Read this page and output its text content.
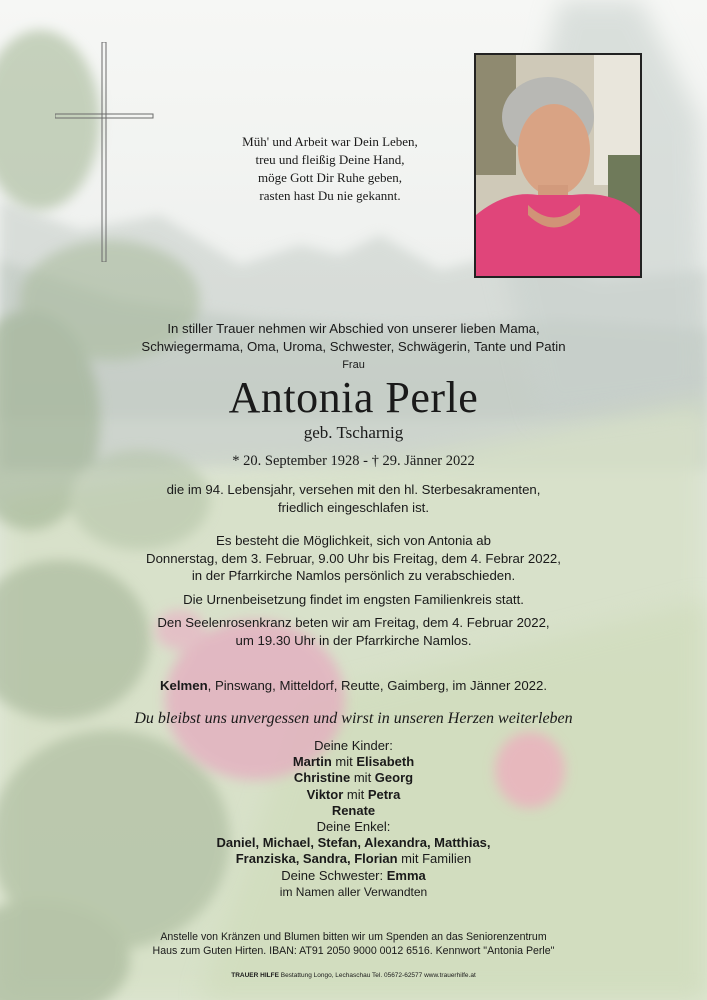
Müh' und Arbeit war Dein Leben,
treu und fleißig Deine Hand,
möge Gott Dir Ruhe geben,
rasten hast Du nie gekannt.
In stiller Trauer nehmen wir Abschied von unserer lieben Mama,
Schwiegermama, Oma, Uroma, Schwester, Schwägerin, Tante und Patin
Frau
Antonia Perle
geb. Tscharnig
* 20. September 1928 - † 29. Jänner 2022
die im 94. Lebensjahr, versehen mit den hl. Sterbesakramenten,
friedlich eingeschlafen ist.
Es besteht die Möglichkeit, sich von Antonia ab
Donnerstag, dem 3. Februar, 9.00 Uhr bis Freitag, dem 4. Febrar 2022,
in der Pfarrkirche Namlos persönlich zu verabschieden.
Die Urnenbeisetzung findet im engsten Familienkreis statt.
Den Seelenrosenkranz beten wir am Freitag, dem 4. Februar 2022,
um 19.30 Uhr in der Pfarrkirche Namlos.
Kelmen, Pinswang, Mitteldorf, Reutte, Gaimberg, im Jänner 2022.
Du bleibst uns unvergessen und wirst in unseren Herzen weiterleben
Deine Kinder:
Martin mit Elisabeth
Christine mit Georg
Viktor mit Petra
Renate
Deine Enkel:
Daniel, Michael, Stefan, Alexandra, Matthias,
Franziska, Sandra, Florian mit Familien
Deine Schwester: Emma
im Namen aller Verwandten
Anstelle von Kränzen und Blumen bitten wir um Spenden an das Seniorenzentrum
Haus zum Guten Hirten. IBAN: AT91 2050 9000 0012 6516. Kennwort "Antonia Perle"
TRAUER HILFE Bestattung Longo, Lechaschau Tel. 05672-62577 www.trauerhilfe.at
